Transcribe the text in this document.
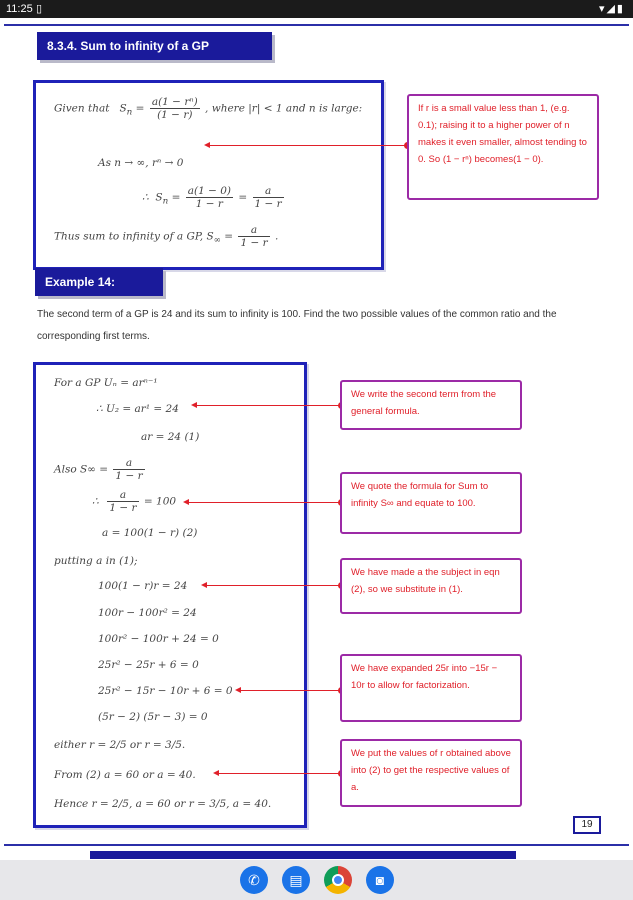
11:25 ▯	▾◢▮
8.3.4. Sum to infinity of a GP
Given that $S_n = \frac{\text{a(1 − rⁿ)}}{(1 - r)}$ , where |r| < 1 and n is large:
As n → ∞, rⁿ → 0
∴ $S_n = \frac{a(1 - 0)}{1 - r} = \frac{a}{1 - r}$
Thus sum to infinity of a GP, $S_\infty = \frac{a}{1 - r}$ .
If r is a small value less than 1, (e.g. 0.1); raising it to a higher power of n makes it even smaller, almost tending to 0. So (1 − rⁿ) becomes(1 − 0).
Example 14:
The second term of a GP is 24 and its sum to infinity is 100. Find the two possible values of the common ratio and the corresponding first terms.
For a GP Uₙ = arⁿ⁻¹
∴ U₂ = ar¹ = 24
ar = 24 (1)
Also $S\infty = \frac{a}{1 - r}$
∴ $\frac{a}{1 - r} = 100$
a = 100(1 − r) (2)
putting a in (1);
100(1 − r)r = 24
100r − 100r² = 24
100r² − 100r + 24 = 0
25r² − 25r + 6 = 0
25r² − 15r − 10r + 6 = 0
(5r − 2) (5r − 3) = 0
either r = 2/5 or r = 3/5.
From (2) a = 60 or a = 40.
Hence r = 2/5, a = 60 or r = 3/5, a = 40.
We write the second term from the general formula.
We quote the formula for Sum to infinity S∞ and equate to 100.
We have made a the subject in eqn (2), so we substitute in (1).
We have expanded 25r into −15r − 10r to allow for factorization.
We put the values of r obtained above into (2) to get the respective values of a.
19
✆	▤	◙
